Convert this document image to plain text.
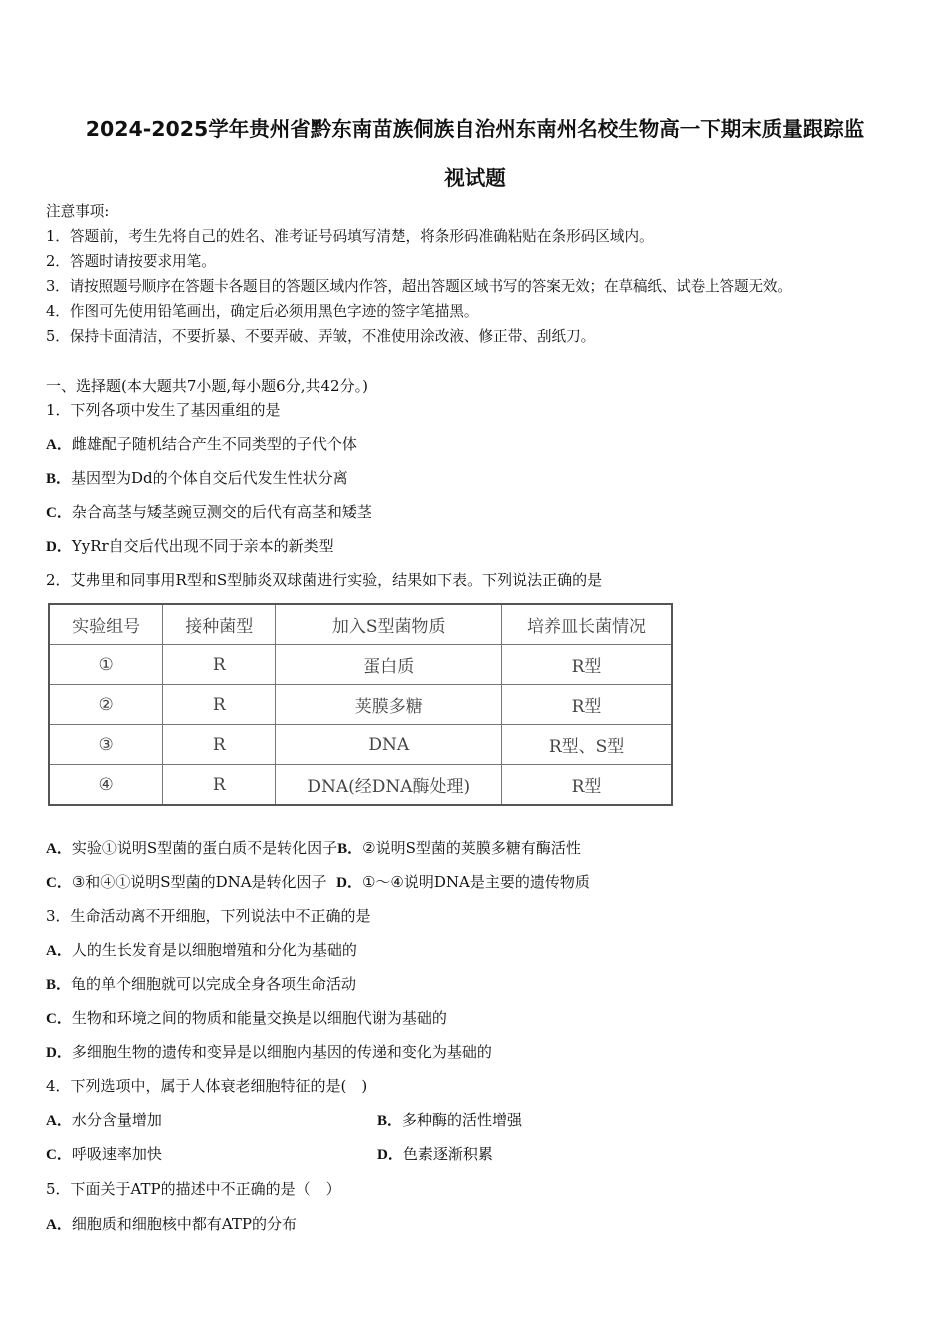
2024-2025学年贵州省黔东南苗族侗族自治州东南州名校生物高一下期末质量跟踪监
视试题
注意事项:
1．答题前，考生先将自己的姓名、准考证号码填写清楚，将条形码准确粘贴在条形码区域内。
2．答题时请按要求用笔。
3．请按照题号顺序在答题卡各题目的答题区域内作答，超出答题区域书写的答案无效；在草稿纸、试卷上答题无效。
4．作图可先使用铅笔画出，确定后必须用黑色字迹的签字笔描黑。
5．保持卡面清洁，不要折暴、不要弄破、弄皱，不准使用涂改液、修正带、刮纸刀。
一、选择题(本大题共7小题,每小题6分,共42分。)
1．下列各项中发生了基因重组的是
A．雌雄配子随机结合产生不同类型的子代个体
B．基因型为Dd的个体自交后代发生性状分离
C．杂合高茎与矮茎豌豆测交的后代有高茎和矮茎
D．YyRr自交后代出现不同于亲本的新类型
2．艾弗里和同事用R型和S型肺炎双球菌进行实验，结果如下表。下列说法正确的是
实验组号	接种菌型	加入S型菌物质	培养皿长菌情况
①	R	蛋白质	R型
②	R	荚膜多糖	R型
③	R	DNA	R型、S型
④	R	DNA(经DNA酶处理)	R型
A．实验①说明S型菌的蛋白质不是转化因子B．②说明S型菌的荚膜多糖有酶活性
C．③和④①说明S型菌的DNA是转化因子 D．①～④说明DNA是主要的遗传物质
3．生命活动离不开细胞，下列说法中不正确的是
A．人的生长发育是以细胞增殖和分化为基础的
B．龟的单个细胞就可以完成全身各项生命活动
C．生物和环境之间的物质和能量交换是以细胞代谢为基础的
D．多细胞生物的遗传和变异是以细胞内基因的传递和变化为基础的
4．下列选项中，属于人体衰老细胞特征的是(　)
A．水分含量增加	B．多种酶的活性增强
C．呼吸速率加快	D．色素逐渐积累
5．下面关于ATP的描述中不正确的是（　）
A．细胞质和细胞核中都有ATP的分布
